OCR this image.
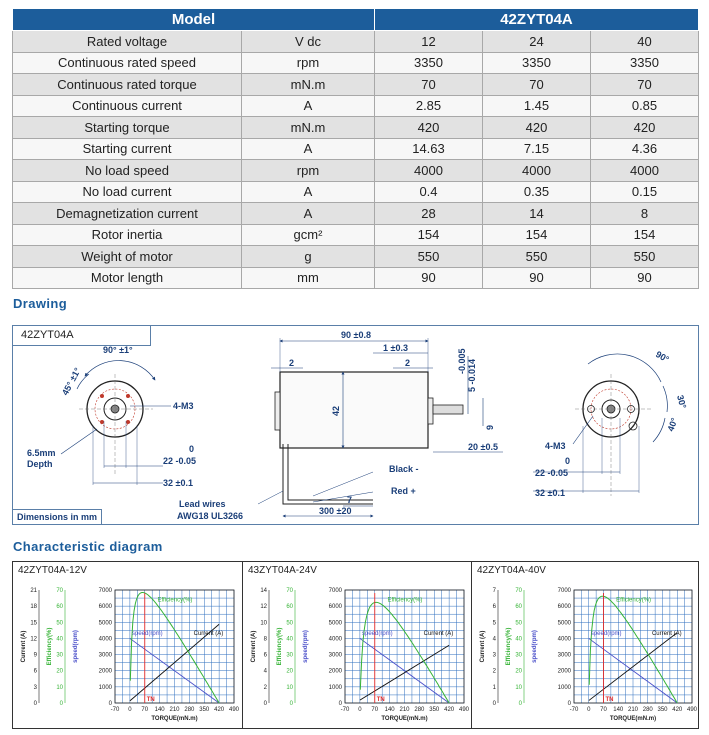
Model		42ZYT04A		
Rated voltage	V dc	12	24	40
Continuous rated speed	rpm	3350	3350	3350
Continuous rated torque	mN.m	70	70	70
Continuous current	A	2.85	1.45	0.85
Starting torque	mN.m	420	420	420
Starting current	A	14.63	7.15	4.36
No load speed	rpm	4000	4000	4000
No load current	A	0.4	0.35	0.15
Demagnetization current	A	28	14	8
Rotor inertia	gcm²	154	154	154
Weight of motor	g	550	550	550
Motor length	mm	90	90	90
Drawing
90° ±1°
45° ±1°
4-M3
6.5mm
Depth
0
22 -0.05
32 ±0.1
90 ±0.8
1 ±0.3
2
2
42
-0.005 5 -0.014
9
20 ±0.5
Black -
Red +
7
300 ±20
Lead wires
AWG18 UL3266
90°
30°
40°
4-M3
0
22 -0.05
32 ±0.1
42ZYT04A
Dimensions in mm
Characteristic diagram
42ZYT04A-12V
-70 0 70 140 210 280 350 420 490
TORQUE(mN.m)
0
1000
2000
3000
4000
5000
6000
7000
0
10
20
30
40
50
60
70
0
3
6
9
12
15
18
21
Current (A)	Efficiency(%)	speed(rpm)
TN
Efficiency(%)
speed(rpm)	Current (A)
43ZYT04A-24V
-70 0 70 140 210 280 350 420 490
TORQUE(mN.m)
0
1000
2000
3000
4000
5000
6000
7000
0
10
20
30
40
50
60
70
0
2
4
6
8
10
12
14
Current (A)	Efficiency(%)	speed(rpm)
TN
Efficiency(%)
speed(rpm)	Current (A)
42ZYT04A-40V
-70 0 70 140 210 280 350 420 490
TORQUE(mN.m)
0
1000
2000
3000
4000
5000
6000
7000
0
10
20
30
40
50
60
70
0
1
2
3
4
5
6
7
Current (A)	Efficiency(%)	speed(rpm)
TN
Efficiency(%)
speed(rpm)	Current (A)
